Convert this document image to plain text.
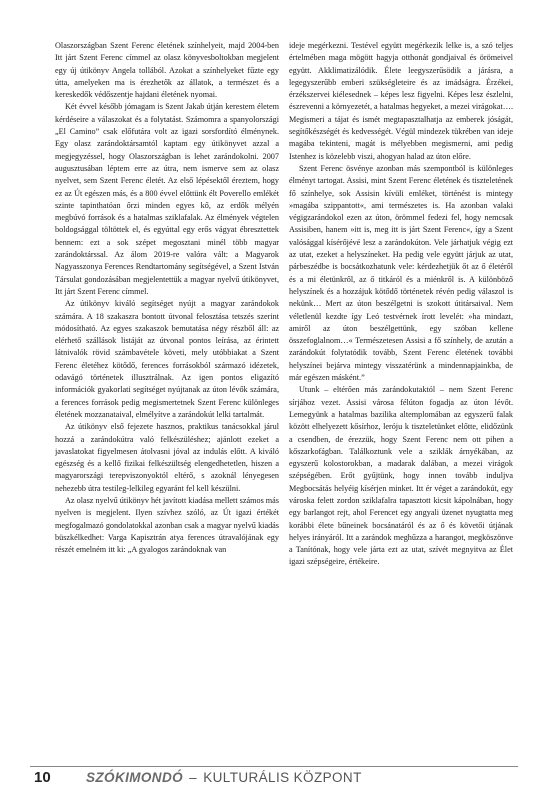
Olaszországban Szent Ferenc életének színhelyeit, majd 2004-ben Itt járt Szent Ferenc címmel az olasz könyvesboltokban megjelent egy új útikönyv Angela tollából. Azokat a színhelyeket fűzte egy útta, amelyeken ma is érezhetők az állatok, a természet és a kereskedők védőszentje hajdani életének nyomai.

Két évvel később jómagam is Szent Jakab útján kerestem életem kérdéseire a válaszokat és a folytatást. Számomra a spanyolországi „El Camino” csak előfutára volt az igazi sorsfordító élménynek. Egy olasz zarándoktársamtól kaptam egy útikönyvet azzal a megjegyzéssel, hogy Olaszországban is lehet zarándokolni. 2007 augusztusában léptem erre az útra, nem ismerve sem az olasz nyelvet, sem Szent Ferenc életét. Az első lépésektől éreztem, hogy ez az Út egészen más, és a 800 évvel előttünk élt Poverello emlékét szinte tapinthatóan őrzi minden egyes kő, az erdők mélyén megbúvó források és a hatalmas sziklafalak. Az élmények végtelen boldogsággal töltöttek el, és egyúttal egy erős vágyat ébresztettek bennem: ezt a sok szépet megosztani minél több magyar zarándoktárssal. Az álom 2019-re valóra vált: a Magyarok Nagyasszonya Ferences Rendtartomány segítségével, a Szent István Társulat gondozásában megjelentettük a magyar nyelvű útikönyvet, Itt járt Szent Ferenc címmel.

Az útikönyv kiváló segítséget nyújt a magyar zarándokok számára. A 18 szakaszra bontott útvonal felosztása tetszés szerint módosítható. Az egyes szakaszok bemutatása négy részből áll: az elérhető szállások listáját az útvonal pontos leírása, az érintett látnivalók rövid számbavétele követi, mely utóbbiakat a Szent Ferenc életéhez kötődő, ferences forrásokból származó idézetek, odavágó történetek illusztrálnak. Az igen pontos eligazító információk gyakorlati segítséget nyújtanak az úton lévők számára, a ferences források pedig megismertetnek Szent Ferenc különleges életének mozzanataival, elmélyítve a zarándokút lelki tartalmát.

Az útikönyv első fejezete hasznos, praktikus tanácsokkal járul hozzá a zarándokútra való felkészüléshez; ajánlott ezeket a javaslatokat figyelmesen átolvasni jóval az indulás előtt. A kiváló egészség és a kellő fizikai felkészültség elengedhetetlen, hiszen a magyarországi terepviszonyoktól eltérő, s azoknál lényegesen nehezebb útra testileg-lelkileg egyaránt fel kell készülni.

Az olasz nyelvű útikönyv hét javított kiadása mellett számos más nyelven is megjelent. Ilyen szívhez szóló, az Út igazi értékét megfogalmazó gondolatokkal azonban csak a magyar nyelvű kiadás büszkélkedhet: Varga Kapisztrán atya ferences útravalójának egy részét emelném itt ki: „A gyalogos zarándoknak van

ideje megérkezni. Testével együtt megérkezik lelke is, a szó teljes értelmében maga mögött hagyja otthonát gondjaival és örömeivel együtt. Akklimatizálódik. Élete leegyszerűsödik a járásra, a legegyszerűbb emberi szükségleteire és az imádságra. Érzékei, érzékszervei kiélesednek – képes lesz figyelni. Képes lesz észlelni, észrevenni a környezetét, a hatalmas hegyeket, a mezei virágokat…. Megismeri a tájat és ismét megtapasztalhatja az emberek jóságát, segítőkészségét és kedvességét. Végül mindezek tükrében van ideje magába tekinteni, magát is mélyebben megismerni, ami pedig Istenhez is közelebb viszi, ahogyan halad az úton előre.

Szent Ferenc ösvénye azonban más szempontból is különleges élményt tartogat. Assisi, mint Szent Ferenc életének és tiszteletének fő színhelye, sok Assisin kívüli emléket, történést is mintegy »magába szippantott«, ami természetes is. Ha azonban valaki végigzarándokol ezen az úton, örömmel fedezi fel, hogy nemcsak Assisiben, hanem »itt is, meg itt is járt Szent Ferenc«, így a Szent valósággal kísérőjévé lesz a zarándokúton. Vele járhatjuk végig ezt az utat, ezeket a helyszíneket. Ha pedig vele együtt járjuk az utat, párbeszédbe is bocsátkozhatunk vele: kérdezhetjük őt az ő életéről és a mi életünkről, az ő titkáról és a miénkről is. A különböző helyszínek és a hozzájuk kötődő történetek révén pedig válaszol is nekünk… Mert az úton beszélgetni is szokott útitársaival. Nem véletlenül kezdte így Leó testvérnek írott levelét: »ha mindazt, amiről az úton beszélgettünk, egy szóban kellene összefoglalnom…« Természetesen Assisi a fő színhely, de azután a zarándokút folytatódik tovább, Szent Ferenc életének további helyszínei bejárva mintegy visszatérünk a mindennapjainkba, de már egészen másként.”

Utunk – eltérően más zarándokutaktól – nem Szent Ferenc sírjához vezet. Assisi városa félúton fogadja az úton lévőt. Lemegyünk a hatalmas bazilika altemplomában az egyszerű falak között elhelyezett kősírhoz, leróju k tiszteletünket előtte, elidőzünk a csendben, de érezzük, hogy Szent Ferenc nem ott pihen a kőszarkofágban. Találkoztunk vele a sziklák árnyékában, az egyszerű kolostorokban, a madarak dalában, a mezei virágok szépségében. Erőt gyűjtünk, hogy innen tovább induljva Megbocsátás helyéig kísérjen minket. Itt ér véget a zarándokút, egy városka felett zordon sziklafalra tapasztott kicsit kápolnában, hogy egy barlangot rejt, ahol Ferencet egy angyali üzenet nyugtatta meg korábbi élete bűneinek bocsánatáról és az ő és követői útjának helyes irányáról. Itt a zarándok meghűzza a harangot, megköszönve a Tanítónak, hogy vele járta ezt az utat, szívét megnyitva az Élet igazi szépségeire, értékeire.

10	SZÓKIMONDÓ – KULTURÁLIS KÖZPONT
